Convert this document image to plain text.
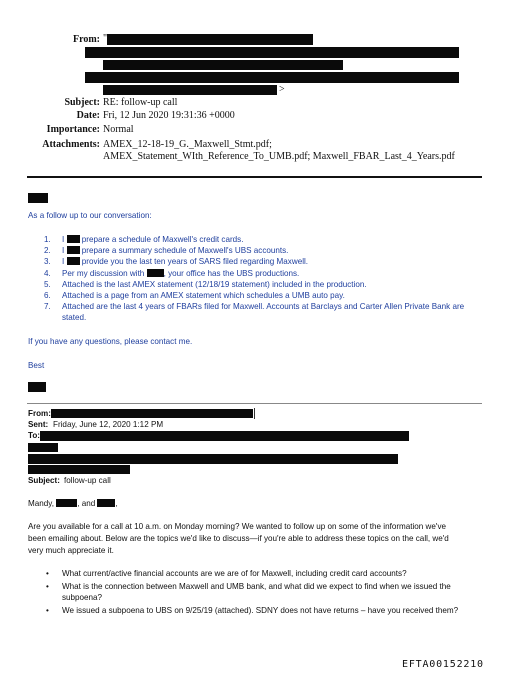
From: "
>
Subject: RE: follow-up call
Date: Fri, 12 Jun 2020 19:31:36 +0000
Importance: Normal
Attachments: AMEX_12-18-19_G._Maxwell_Stmt.pdf;
AMEX_Statement_WIth_Reference_To_UMB.pdf; Maxwell_FBAR_Last_4_Years.pdf
As a follow up to our conversation:
1. I prepare a schedule of Maxwell's credit cards.
2. I prepare a summary schedule of Maxwell's UBS accounts.
3. I provide you the last ten years of SARS filed regarding Maxwell.
4. Per my discussion with , your office has the UBS productions.
5. Attached is the last AMEX statement (12/18/19 statement) included in the production.
6. Attached is a page from an AMEX statement which schedules a UMB auto pay.
7. Attached are the last 4 years of FBARs filed for Maxwell. Accounts at Barclays and Carter Allen Private Bank are
stated.
If you have any questions, please contact me.
Best
From:
Sent: Friday, June 12, 2020 1:12 PM
To:
Subject: follow-up call
Mandy,	, and	,
Are you available for a call at 10 a.m. on Monday morning? We wanted to follow up on some of the information we've
been emailing about. Below are the topics we'd like to discuss—if you're able to address these topics on the call, we'd
very much appreciate it.
• What current/active financial accounts are we are of for Maxwell, including credit card accounts?
• What is the connection between Maxwell and UMB bank, and what did we expect to find when we issued the
subpoena?
• We issued a subpoena to UBS on 9/25/19 (attached). SDNY does not have returns – have you received them?
EFTA00152210
